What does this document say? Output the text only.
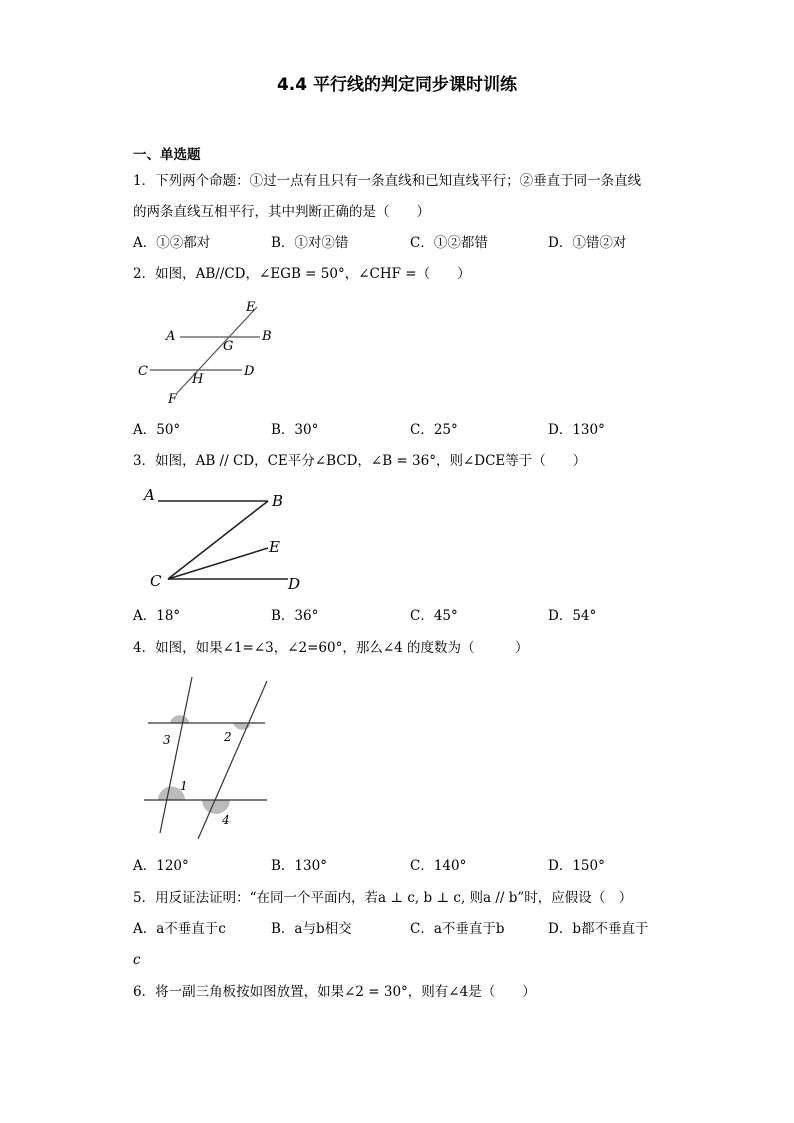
4.4 平行线的判定同步课时训练
一、单选题
1．下列两个命题：①过一点有且只有一条直线和已知直线平行；②垂直于同一条直线
的两条直线互相平行，其中判断正确的是（　　）
A．①②都对	B．①对②错	C．①②都错	D．①错②对
2．如图，AB//CD，∠EGB = 50°，∠CHF =（　　）
E
A
G
B
C
H
D
F
A．50°	B．30°	C．25°	D．130°
3．如图，AB // CD，CE平分∠BCD，∠B = 36°，则∠DCE等于（　　）
A	B
E
C	D
A．18°	B．36°	C．45°	D．54°
4．如图，如果∠1=∠3，∠2=60°，那么∠4 的度数为（　　　）
3	2
1
4
A．120°	B．130°	C．140°	D．150°
5．用反证法证明：“在同一个平面内，若a ⊥ c, b ⊥ c, 则a // b”时，应假设（　）
A．a不垂直于c	B．a与b相交	C．a不垂直于b	D．b都不垂直于
c
6．将一副三角板按如图放置，如果∠2 = 30°，则有∠4是（　　）
